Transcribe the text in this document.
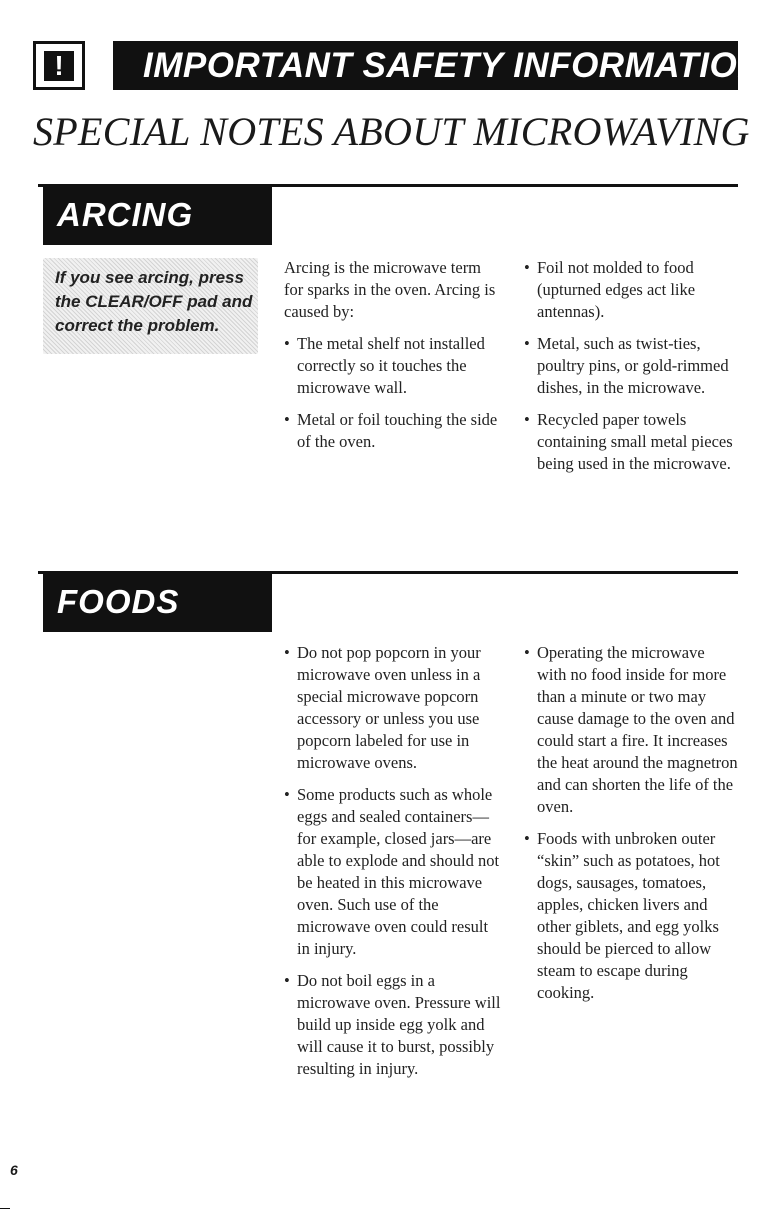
! IMPORTANT SAFETY INFORMATION
SPECIAL NOTES ABOUT MICROWAVING
ARCING
If you see arcing, press the CLEAR/OFF pad and correct the problem.

Arcing is the microwave term for sparks in the oven. Arcing is caused by:

• The metal shelf not installed correctly so it touches the microwave wall.

• Metal or foil touching the side of the oven.

• Foil not molded to food (upturned edges act like antennas).

• Metal, such as twist-ties, poultry pins, or gold-rimmed dishes, in the microwave.

• Recycled paper towels containing small metal pieces being used in the microwave.

FOODS

• Do not pop popcorn in your microwave oven unless in a special microwave popcorn accessory or unless you use popcorn labeled for use in microwave ovens.

• Some products such as whole eggs and sealed containers—for example, closed jars—are able to explode and should not be heated in this microwave oven. Such use of the microwave oven could result in injury.

• Do not boil eggs in a microwave oven. Pressure will build up inside egg yolk and will cause it to burst, possibly resulting in injury.

• Operating the microwave with no food inside for more than a minute or two may cause damage to the oven and could start a fire. It increases the heat around the magnetron and can shorten the life of the oven.

• Foods with unbroken outer “skin” such as potatoes, hot dogs, sausages, tomatoes, apples, chicken livers and other giblets, and egg yolks should be pierced to allow steam to escape during cooking.

6
